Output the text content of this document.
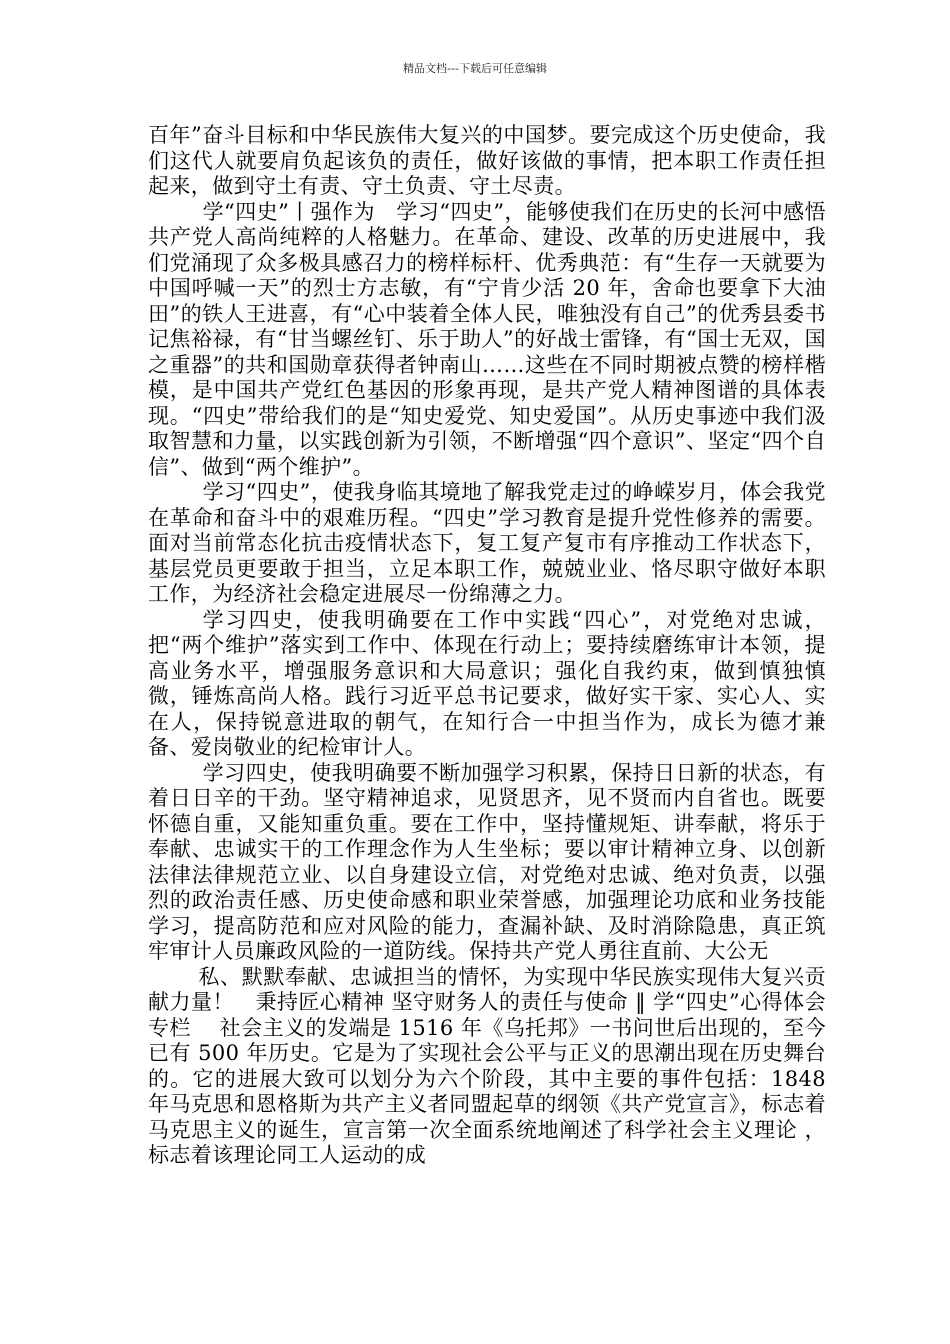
精品文档---下载后可任意编辑

百年”奋斗目标和中华民族伟大复兴的中国梦。要完成这个历史使命，我们这代人就要肩负起该负的责任，做好该做的事情，把本职工作责任担起来，做到守土有责、守土负责、守土尽责。

学“四史”丨强作为　学习“四史”，能够使我们在历史的长河中感悟共产党人高尚纯粹的人格魅力。在革命、建设、改革的历史进展中，我们党涌现了众多极具感召力的榜样标杆、优秀典范：有“生存一天就要为中国呼喊一天”的烈士方志敏，有“宁肯少活 20 年，舍命也要拿下大油田”的铁人王进喜，有“心中装着全体人民，唯独没有自己”的优秀县委书记焦裕禄，有“甘当螺丝钉、乐于助人”的好战士雷锋，有“国士无双，国之重器”的共和国勋章获得者钟南山……这些在不同时期被点赞的榜样楷模，是中国共产党红色基因的形象再现，是共产党人精神图谱的具体表现。“四史”带给我们的是“知史爱党、知史爱国”。从历史事迹中我们汲取智慧和力量，以实践创新为引领，不断增强“四个意识”、坚定“四个自信”、做到“两个维护”。

学习“四史”，使我身临其境地了解我党走过的峥嵘岁月，体会我党在革命和奋斗中的艰难历程。“四史”学习教育是提升党性修养的需要。面对当前常态化抗击疫情状态下，复工复产复市有序推动工作状态下，基层党员更要敢于担当，立足本职工作，兢兢业业、恪尽职守做好本职工作，为经济社会稳定进展尽一份绵薄之力。

学习四史，使我明确要在工作中实践“四心”，对党绝对忠诚，把“两个维护”落实到工作中、体现在行动上；要持续磨练审计本领，提高业务水平，增强服务意识和大局意识；强化自我约束，做到慎独慎微，锤炼高尚人格。践行习近平总书记要求，做好实干家、实心人、实在人，保持锐意进取的朝气，在知行合一中担当作为，成长为德才兼备、爱岗敬业的纪检审计人。

学习四史，使我明确要不断加强学习积累，保持日日新的状态，有着日日辛的干劲。坚守精神追求，见贤思齐，见不贤而内自省也。既要怀德自重，又能知重负重。要在工作中，坚持懂规矩、讲奉献，将乐于奉献、忠诚实干的工作理念作为人生坐标；要以审计精神立身、以创新法律法律规范立业、以自身建设立信，对党绝对忠诚、绝对负责，以强烈的政治责任感、历史使命感和职业荣誉感，加强理论功底和业务技能学习，提高防范和应对风险的能力，查漏补缺、及时消除隐患，真正筑牢审计人员廉政风险的一道防线。保持共产党人勇往直前、大公无

私、默默奉献、忠诚担当的情怀，为实现中华民族实现伟大复兴贡献力量！　秉持匠心精神 坚守财务人的责任与使命 ‖ 学“四史”心得体会专栏　 社会主义的发端是 1516 年《乌托邦》一书问世后出现的，至今已有 500 年历史。它是为了实现社会公平与正义的思潮出现在历史舞台的。它的进展大致可以划分为六个阶段，其中主要的事件包括：1848 年马克思和恩格斯为共产主义者同盟起草的纲领《共产党宣言》，标志着马克思主义的诞生，宣言第一次全面系统地阐述了科学社会主义理论 ，标志着该理论同工人运动的成
